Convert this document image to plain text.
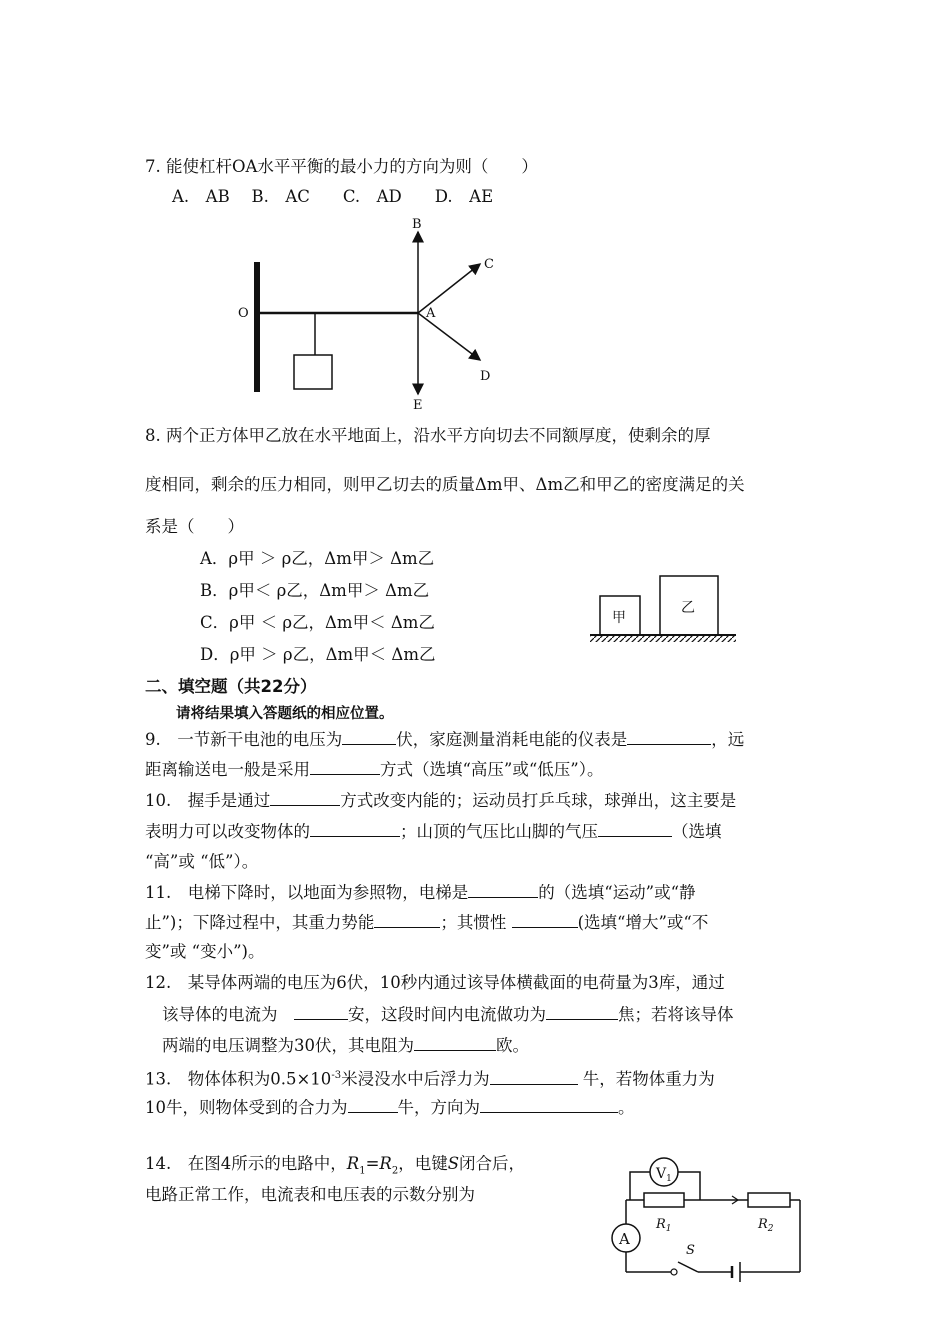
7. 能使杠杆OA水平平衡的最小力的方向为则（　　）
A.　AB　 B.　AC　　C.　AD　　D.　AE
O	A
B
C
D
E
8. 两个正方体甲乙放在水平地面上，沿水平方向切去不同额厚度，使剩余的厚
度相同，剩余的压力相同，则甲乙切去的质量Δm甲、Δm乙和甲乙的密度满足的关
系是（　　）
A．ρ甲 ＞ ρ乙，Δm甲＞ Δm乙
B．ρ甲＜ ρ乙，Δm甲＞ Δm乙
C．ρ甲 ＜ ρ乙，Δm甲＜ Δm乙
D．ρ甲 ＞ ρ乙，Δm甲＜ Δm乙
甲
乙
二、填空题（共22分）
请将结果填入答题纸的相应位置。
9.　一节新干电池的电压为	伏，家庭测量消耗电能的仪表是	，远
距离输送电一般是采用	方式（选填“高压”或“低压”）。
10.　握手是通过	方式改变内能的；运动员打乒乓球，球弹出，这主要是
表明力可以改变物体的	；山顶的气压比山脚的气压	（选填
“高”或 “低”）。
11.　电梯下降时，以地面为参照物，电梯是	的（选填“运动”或“静
止”)；下降过程中，其重力势能	；其惯性	(选填“增大”或“不
变”或 “变小”)。
12.　某导体两端的电压为6伏，10秒内通过该导体横截面的电荷量为3库，通过
该导体的电流为　	安，这段时间内电流做功为	焦；若将该导体
两端的电压调整为30伏，其电阻为	欧。
13.　物体体积为$0.5\times 10^{-3}$米浸没水中后浮力为	牛，若物体重力为
10牛，则物体受到的合力为	牛，方向为	。
14.　在图4所示的电路中，$R_1=R_2$，电键S闭合后，
电路正常工作，电流表和电压表的示数分别为
$V_1$
A
$R_1$	$R_2$
S
